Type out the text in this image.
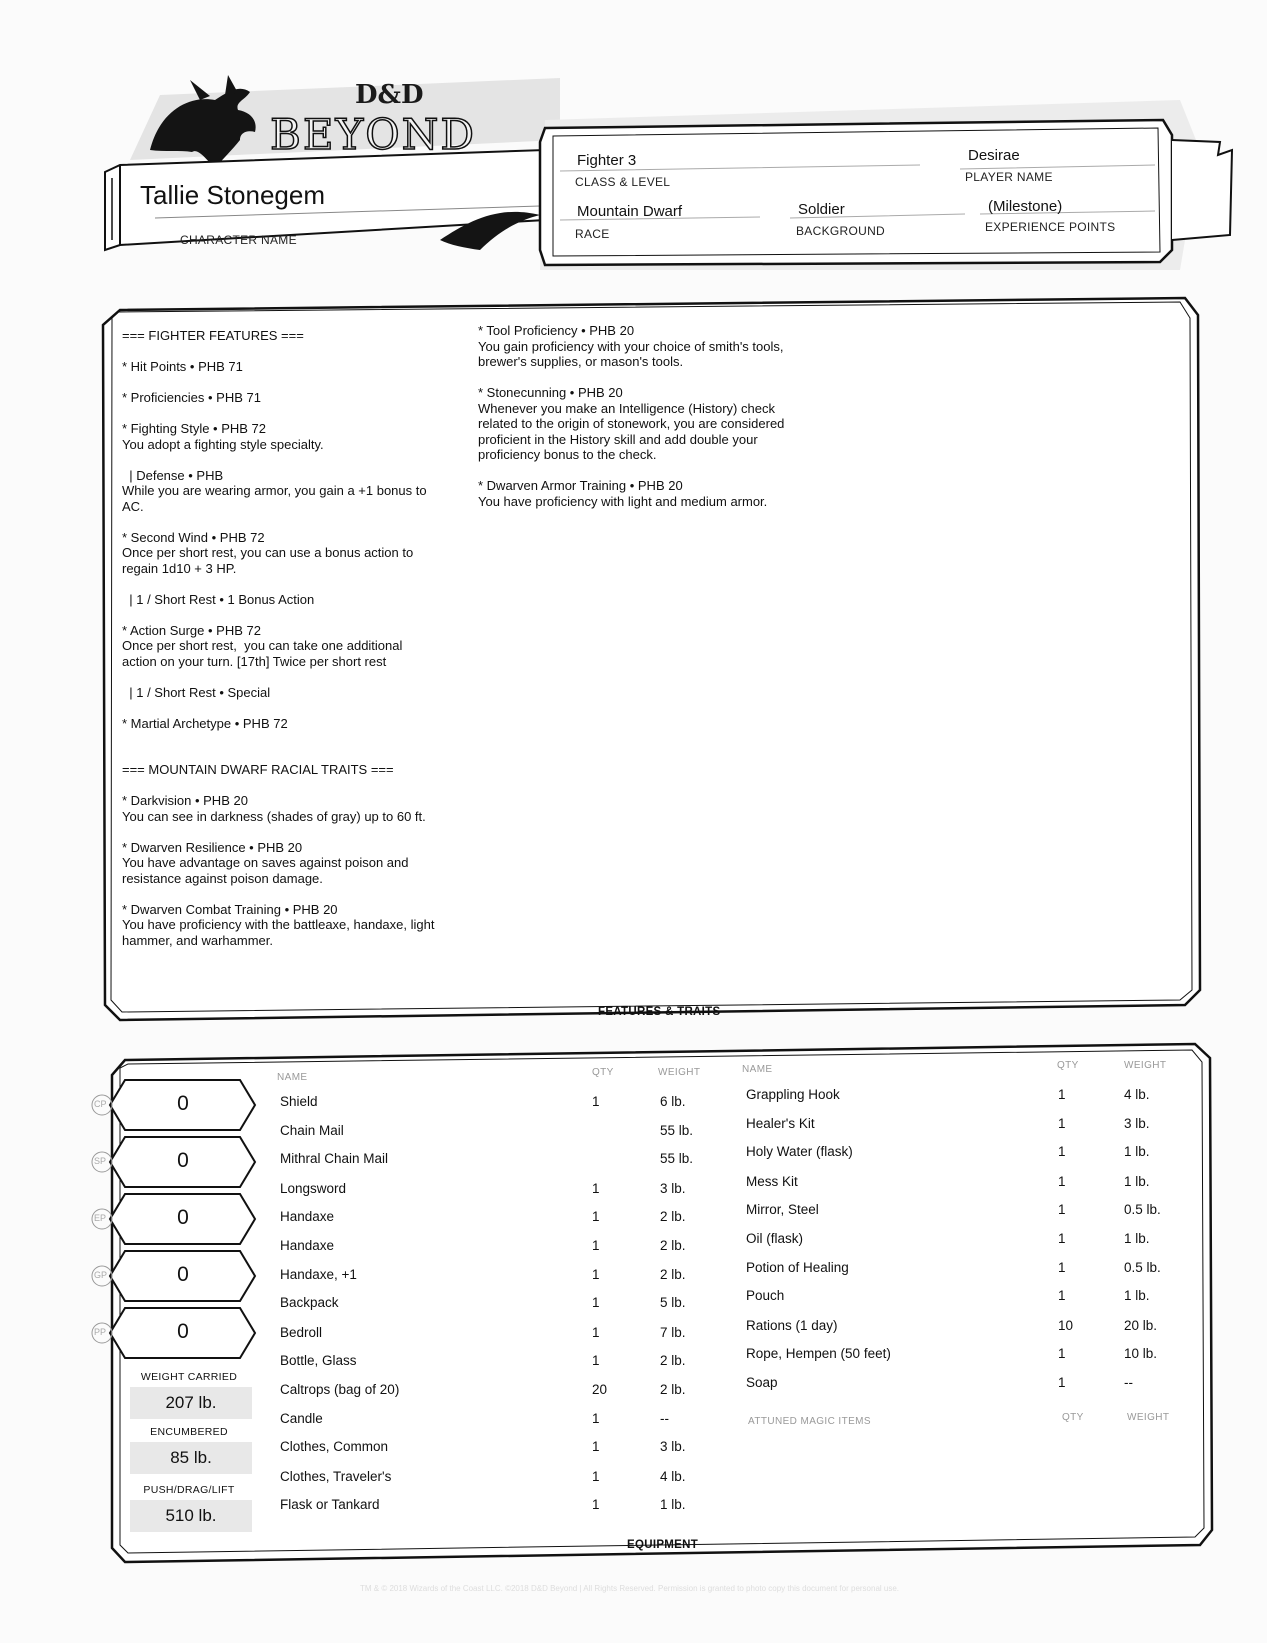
D&D
BEYOND
Tallie Stonegem
CHARACTER NAME
Fighter 3
CLASS & LEVEL
Desirae
PLAYER NAME
Mountain Dwarf
RACE
Soldier
BACKGROUND
(Milestone)
EXPERIENCE POINTS
=== FIGHTER FEATURES ===

* Hit Points • PHB 71

* Proficiencies • PHB 71

* Fighting Style • PHB 72
You adopt a fighting style specialty.

| Defense • PHB
While you are wearing armor, you gain a +1 bonus to
AC.

* Second Wind • PHB 72
Once per short rest, you can use a bonus action to
regain 1d10 + 3 HP.

| 1 / Short Rest • 1 Bonus Action

* Action Surge • PHB 72
Once per short rest,  you can take one additional
action on your turn. [17th] Twice per short rest

| 1 / Short Rest • Special

* Martial Archetype • PHB 72

=== MOUNTAIN DWARF RACIAL TRAITS ===

* Darkvision • PHB 20
You can see in darkness (shades of gray) up to 60 ft.

* Dwarven Resilience • PHB 20
You have advantage on saves against poison and
resistance against poison damage.

* Dwarven Combat Training • PHB 20
You have proficiency with the battleaxe, handaxe, light
hammer, and warhammer.
* Tool Proficiency • PHB 20
You gain proficiency with your choice of smith's tools,
brewer's supplies, or mason's tools.

* Stonecunning • PHB 20
Whenever you make an Intelligence (History) check
related to the origin of stonework, you are considered
proficient in the History skill and add double your
proficiency bonus to the check.

* Dwarven Armor Training • PHB 20
You have proficiency with light and medium armor.
FEATURES & TRAITS
CP	0
SP	0
EP	0
GP	0
PP	0
WEIGHT CARRIED
207 lb.
ENCUMBERED
85 lb.
PUSH/DRAG/LIFT
510 lb.
NAME	QTY	WEIGHT	NAME	QTY	WEIGHT
Shield	1	6 lb.
Chain Mail	55 lb.
Mithral Chain Mail	55 lb.
Longsword	1	3 lb.
Handaxe	1	2 lb.
Handaxe	1	2 lb.
Handaxe, +1	1	2 lb.
Backpack	1	5 lb.
Bedroll	1	7 lb.
Bottle, Glass	1	2 lb.
Caltrops (bag of 20)	20	2 lb.
Candle	1	--
Clothes, Common	1	3 lb.
Clothes, Traveler's	1	4 lb.
Flask or Tankard	1	1 lb.
Grappling Hook	1	4 lb.
Healer's Kit	1	3 lb.
Holy Water (flask)	1	1 lb.
Mess Kit	1	1 lb.
Mirror, Steel	1	0.5 lb.
Oil (flask)	1	1 lb.
Potion of Healing	1	0.5 lb.
Pouch	1	1 lb.
Rations (1 day)	10	20 lb.
Rope, Hempen (50 feet)	1	10 lb.
Soap	1	--
ATTUNED MAGIC ITEMS	QTY	WEIGHT
EQUIPMENT
TM & © 2018 Wizards of the Coast LLC. ©2018 D&D Beyond | All Rights Reserved. Permission is granted to photo copy this document for personal use.
